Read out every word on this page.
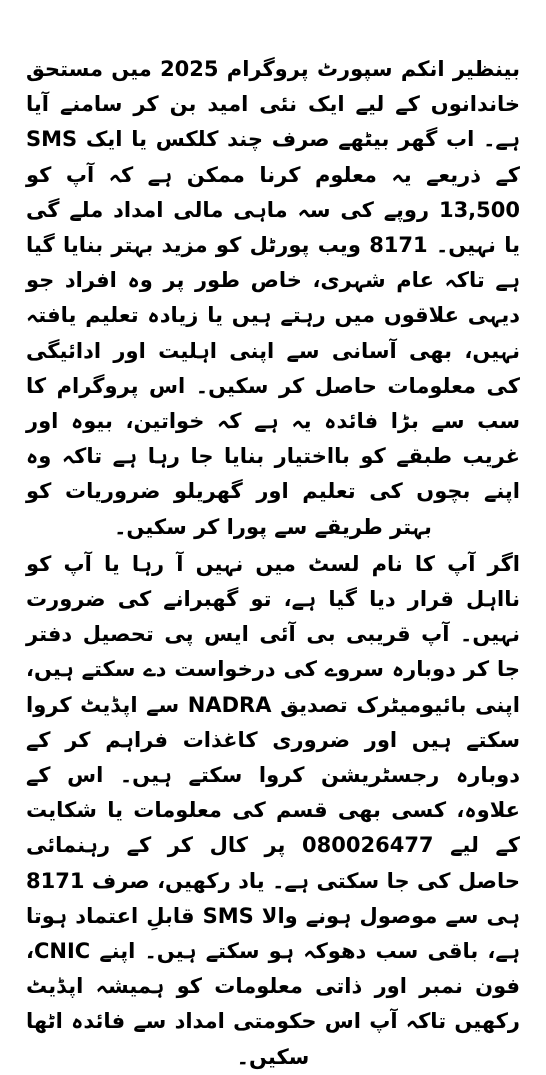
بینظیر انکم سپورٹ پروگرام 2025 میں مستحق خاندانوں کے لیے ایک نئی امید بن کر سامنے آیا ہے۔ اب گھر بیٹھے صرف چند کلکس یا ایک SMS کے ذریعے یہ معلوم کرنا ممکن ہے کہ آپ کو 13,500 روپے کی سہ ماہی مالی امداد ملے گی یا نہیں۔ 8171 ویب پورٹل کو مزید بہتر بنایا گیا ہے تاکہ عام شہری، خاص طور پر وہ افراد جو دیہی علاقوں میں رہتے ہیں یا زیادہ تعلیم یافتہ نہیں، بھی آسانی سے اپنی اہلیت اور ادائیگی کی معلومات حاصل کر سکیں۔ اس پروگرام کا سب سے بڑا فائدہ یہ ہے کہ خواتین، بیوہ اور غریب طبقے کو بااختیار بنایا جا رہا ہے تاکہ وہ اپنے بچوں کی تعلیم اور گھریلو ضروریات کو بہتر طریقے سے پورا کر سکیں۔

اگر آپ کا نام لسٹ میں نہیں آ رہا یا آپ کو نااہل قرار دیا گیا ہے، تو گھبرانے کی ضرورت نہیں۔ آپ قریبی بی آئی ایس پی تحصیل دفتر جا کر دوبارہ سروے کی درخواست دے سکتے ہیں، اپنی بائیومیٹرک تصدیق NADRA سے اپڈیٹ کروا سکتے ہیں اور ضروری کاغذات فراہم کر کے دوبارہ رجسٹریشن کروا سکتے ہیں۔ اس کے علاوہ، کسی بھی قسم کی معلومات یا شکایت کے لیے 080026477 پر کال کر کے رہنمائی حاصل کی جا سکتی ہے۔ یاد رکھیں، صرف 8171 ہی سے موصول ہونے والا SMS قابلِ اعتماد ہوتا ہے، باقی سب دھوکہ ہو سکتے ہیں۔ اپنے CNIC، فون نمبر اور ذاتی معلومات کو ہمیشہ اپڈیٹ رکھیں تاکہ آپ اس حکومتی امداد سے فائدہ اٹھا سکیں۔
